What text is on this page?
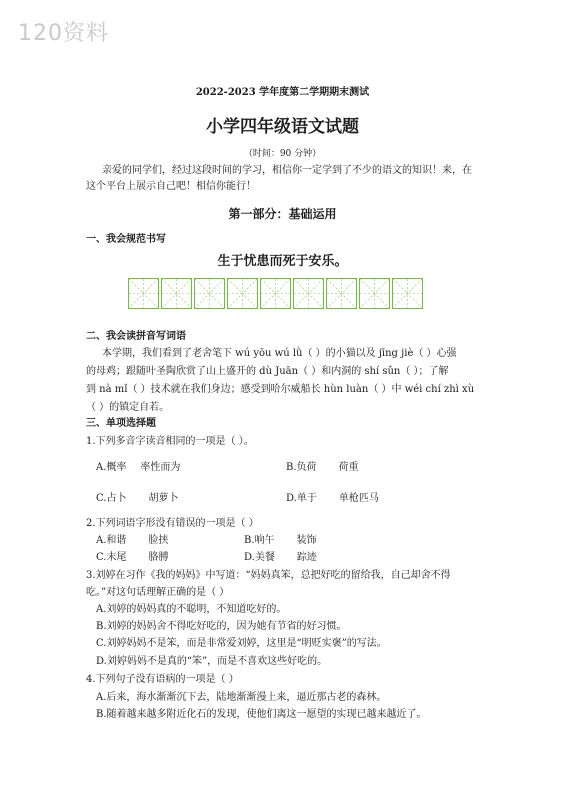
120资料
2022-2023 学年度第二学期期末测试
小学四年级语文试题
（时间：90 分钟）
亲爱的同学们，经过这段时间的学习，相信你一定学到了不少的语文的知识！来，在
这个平台上展示自己吧！相信你能行！
第一部分：基础运用
一、我会规范书写
生于忧患而死于安乐。
二、我会读拼音写词语
本学期，我们看到了老舍笔下 wú yōu wú lǜ（ ）的小猫以及 jīng jiè（ ）心强
的母鸡；跟随叶圣陶欣赏了山上盛开的 dù Juān（ ）和内洞的 shí sǔn（ ）；了解
到 nà mǐ（ ）技术就在我们身边；感受到哈尔威船长 hùn luàn（ ）中 wéi chí zhì xù
（ ）的镇定自若。
三、单项选择题
1.下列多音字读音相同的一项是（ ）。
A.概率 率性而为	B.负荷 荷重
C.占卜 胡萝卜	D.单于 单枪匹马
2.下列词语字形没有错误的一项是（ ）
A.和谐 脸挟	B.响午 装饰
C.末尾 胳膊	D.美餐 踪迹
3.刘婷在习作《我的妈妈》中写道：“妈妈真笨，总把好吃的留给我，自己却舍不得
吃。”对这句话理解正确的是（ ）
A.刘婷的妈妈真的不聪明，不知道吃好的。
B.刘婷的妈妈舍不得吃好吃的，因为她有节省的好习惯。
C.刘婷妈妈不是笨，而是非常爱刘婷，这里是“明贬实褒”的写法。
D.刘婷妈妈不是真的“笨”，而是不喜欢这些好吃的。
4.下列句子没有语病的一项是（ ）
A.后来，海水渐渐沉下去，陆地渐渐漫上来，逼近那古老的森林。
B.随着越来越多附近化石的发现，使他们离这一愿望的实现已越来越近了。
